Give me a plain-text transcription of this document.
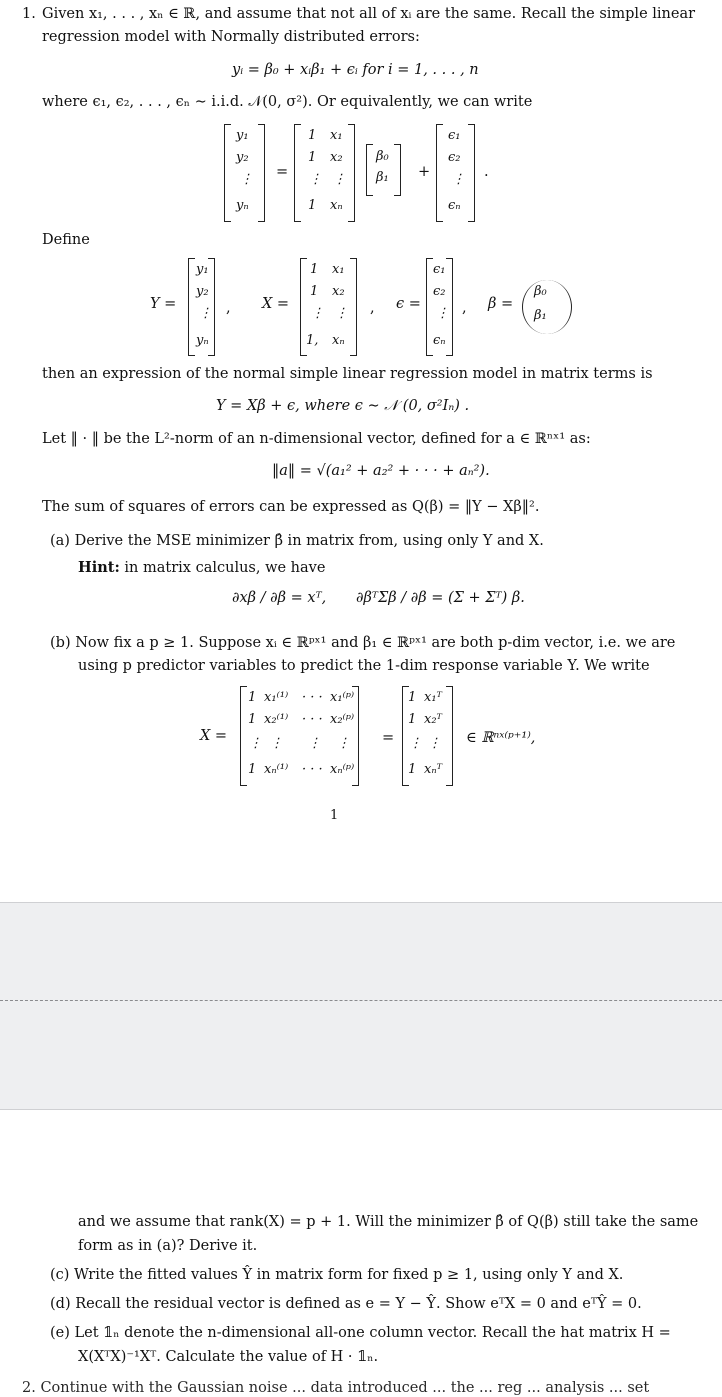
1. Given x₁, . . . , xₙ ∈ ℝ, and assume that not all of xᵢ are the same. Recall the simple linear
regression model with Normally distributed errors:
yᵢ = β₀ + xᵢβ₁ + ϵᵢ for i = 1, . . . , n
where ϵ₁, ϵ₂, . . . , ϵₙ ∼ i.i.d. 𝒩(0, σ²). Or equivalently, we can write
y₁
y₂
⋮
yₙ
=
1 x₁
1 x₂
⋮ ⋮
1 xₙ
β₀
β₁ +
ϵ₁
ϵ₂
⋮
ϵₙ
.
Define
Y =
y₁
y₂
⋮
yₙ
, X =
1 x₁
1 x₂
⋮ ⋮
1, xₙ
, ϵ =
ϵ₁
ϵ₂
⋮
ϵₙ
, β =
β₀
β₁
then an expression of the normal simple linear regression model in matrix terms is
Y = Xβ + ϵ, where ϵ ∼ 𝒩 (0, σ²Iₙ) .
Let ‖ · ‖ be the L²-norm of an n-dimensional vector, defined for a ∈ ℝⁿˣ¹ as:
‖a‖ = √(a₁² + a₂² + · · · + aₙ²).
The sum of squares of errors can be expressed as Q(β) = ‖Y − Xβ‖².
(a) Derive the MSE minimizer β̂ in matrix from, using only Y and X.
Hint: in matrix calculus, we have
∂xβ / ∂β = xᵀ, ∂βᵀΣβ / ∂β = (Σ + Σᵀ) β.
(b) Now fix a p ≥ 1. Suppose xᵢ ∈ ℝᵖˣ¹ and β₁ ∈ ℝᵖˣ¹ are both p-dim vector, i.e. we are
using p predictor variables to predict the 1-dim response variable Y. We write
X =
1 x₁⁽¹⁾ · · · x₁⁽ᵖ⁾
1 x₂⁽¹⁾ · · · x₂⁽ᵖ⁾
⋮ ⋮ ⋮ ⋮
1 xₙ⁽¹⁾ · · · xₙ⁽ᵖ⁾
=
1 x₁ᵀ
1 x₂ᵀ
⋮ ⋮
1 xₙᵀ
∈ ℝⁿˣ⁽ᵖ⁺¹⁾,
1
and we assume that rank(X) = p + 1. Will the minimizer β̂ of Q(β) still take the same
form as in (a)? Derive it.
(c) Write the fitted values Ŷ in matrix form for fixed p ≥ 1, using only Y and X.
(d) Recall the residual vector is defined as e = Y − Ŷ. Show eᵀX = 0 and eᵀŶ = 0.
(e) Let 𝟙ₙ denote the n-dimensional all-one column vector. Recall the hat matrix H =
X(XᵀX)⁻¹Xᵀ. Calculate the value of H · 𝟙ₙ.
2. Continue with the Gaussian noise ... data introduced ... the ... reg ... analysis ... set
